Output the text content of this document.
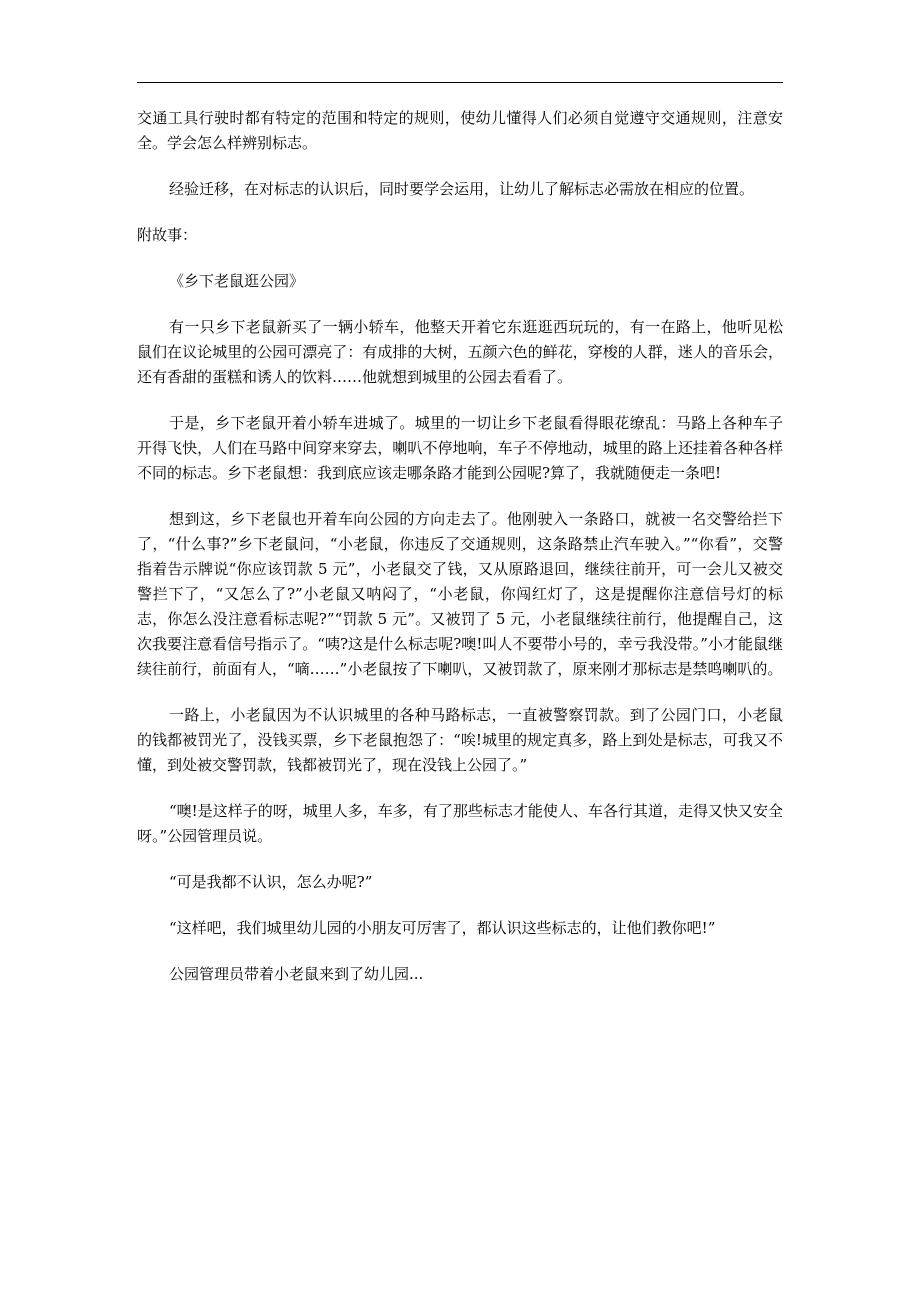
交通工具行驶时都有特定的范围和特定的规则，使幼儿懂得人们必须自觉遵守交通规则，注意安全。学会怎么样辨别标志。

经验迁移，在对标志的认识后，同时要学会运用，让幼儿了解标志必需放在相应的位置。

附故事：

《乡下老鼠逛公园》

有一只乡下老鼠新买了一辆小轿车，他整天开着它东逛逛西玩玩的，有一在路上，他听见松鼠们在议论城里的公园可漂亮了：有成排的大树，五颜六色的鲜花，穿梭的人群，迷人的音乐会，还有香甜的蛋糕和诱人的饮料……他就想到城里的公园去看看了。

于是，乡下老鼠开着小轿车进城了。城里的一切让乡下老鼠看得眼花缭乱：马路上各种车子开得飞快，人们在马路中间穿来穿去，喇叭不停地响，车子不停地动，城里的路上还挂着各种各样不同的标志。乡下老鼠想：我到底应该走哪条路才能到公园呢?算了，我就随便走一条吧!

想到这，乡下老鼠也开着车向公园的方向走去了。他刚驶入一条路口，就被一名交警给拦下了，“什么事?”乡下老鼠问，“小老鼠，你违反了交通规则，这条路禁止汽车驶入。”“你看”，交警指着告示牌说“你应该罚款 5 元”，小老鼠交了钱，又从原路退回，继续往前开，可一会儿又被交警拦下了，“又怎么了?”小老鼠又呐闷了，“小老鼠，你闯红灯了，这是提醒你注意信号灯的标志，你怎么没注意看标志呢?”“罚款 5 元”。又被罚了 5 元，小老鼠继续往前行，他提醒自己，这次我要注意看信号指示了。“咦?这是什么标志呢?噢!叫人不要带小号的，幸亏我没带。”小才能鼠继续往前行，前面有人，“嘀……”小老鼠按了下喇叭，又被罚款了，原来刚才那标志是禁鸣喇叭的。

一路上，小老鼠因为不认识城里的各种马路标志，一直被警察罚款。到了公园门口，小老鼠的钱都被罚光了，没钱买票，乡下老鼠抱怨了：“唉!城里的规定真多，路上到处是标志，可我又不懂，到处被交警罚款，钱都被罚光了，现在没钱上公园了。”

“噢!是这样子的呀，城里人多，车多，有了那些标志才能使人、车各行其道，走得又快又安全呀。”公园管理员说。

“可是我都不认识，怎么办呢?”

“这样吧，我们城里幼儿园的小朋友可厉害了，都认识这些标志的，让他们教你吧!”

公园管理员带着小老鼠来到了幼儿园...
